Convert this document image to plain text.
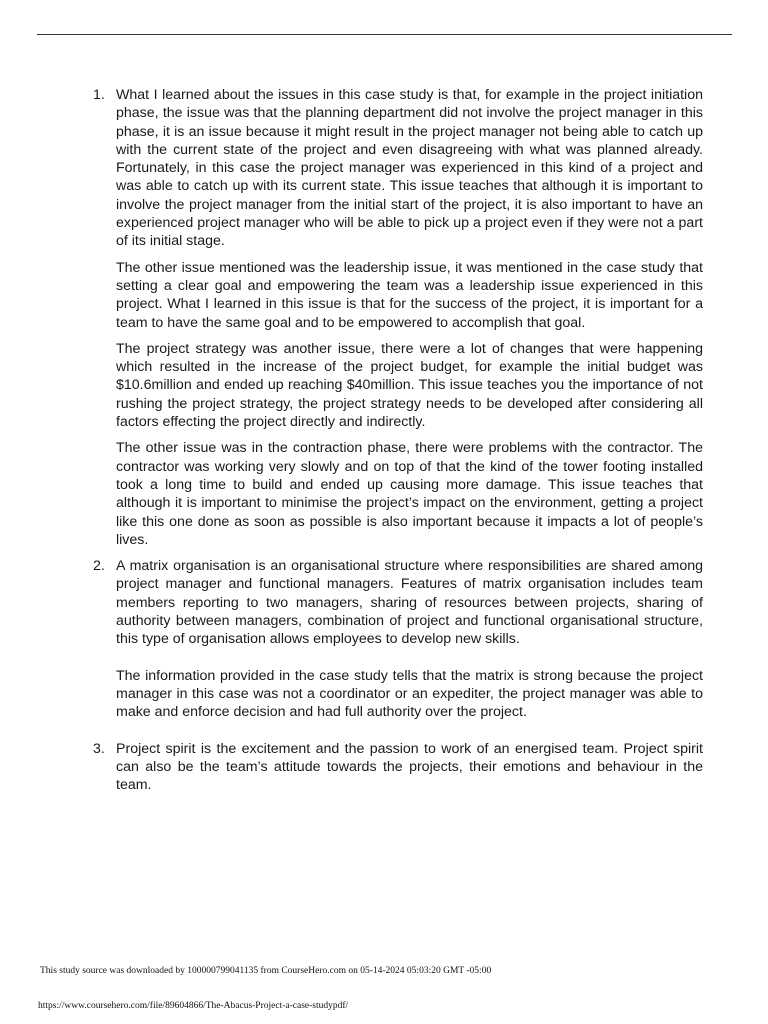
1. What I learned about the issues in this case study is that, for example in the project initiation phase, the issue was that the planning department did not involve the project manager in this phase, it is an issue because it might result in the project manager not being able to catch up with the current state of the project and even disagreeing with what was planned already. Fortunately, in this case the project manager was experienced in this kind of a project and was able to catch up with its current state. This issue teaches that although it is important to involve the project manager from the initial start of the project, it is also important to have an experienced project manager who will be able to pick up a project even if they were not a part of its initial stage.

The other issue mentioned was the leadership issue, it was mentioned in the case study that setting a clear goal and empowering the team was a leadership issue experienced in this project. What I learned in this issue is that for the success of the project, it is important for a team to have the same goal and to be empowered to accomplish that goal.

The project strategy was another issue, there were a lot of changes that were happening which resulted in the increase of the project budget, for example the initial budget was $10.6million and ended up reaching $40million. This issue teaches you the importance of not rushing the project strategy, the project strategy needs to be developed after considering all factors effecting the project directly and indirectly.

The other issue was in the contraction phase, there were problems with the contractor. The contractor was working very slowly and on top of that the kind of the tower footing installed took a long time to build and ended up causing more damage. This issue teaches that although it is important to minimise the project’s impact on the environment, getting a project like this one done as soon as possible is also important because it impacts a lot of people’s lives.

2. A matrix organisation is an organisational structure where responsibilities are shared among project manager and functional managers. Features of matrix organisation includes team members reporting to two managers, sharing of resources between projects, sharing of authority between managers, combination of project and functional organisational structure, this type of organisation allows employees to develop new skills.

The information provided in the case study tells that the matrix is strong because the project manager in this case was not a coordinator or an expediter, the project manager was able to make and enforce decision and had full authority over the project.

3. Project spirit is the excitement and the passion to work of an energised team. Project spirit can also be the team’s attitude towards the projects, their emotions and behaviour in the team.

This study source was downloaded by 100000799041135 from CourseHero.com on 05-14-2024 05:03:20 GMT -05:00
https://www.coursehero.com/file/89604866/The-Abacus-Project-a-case-studypdf/
